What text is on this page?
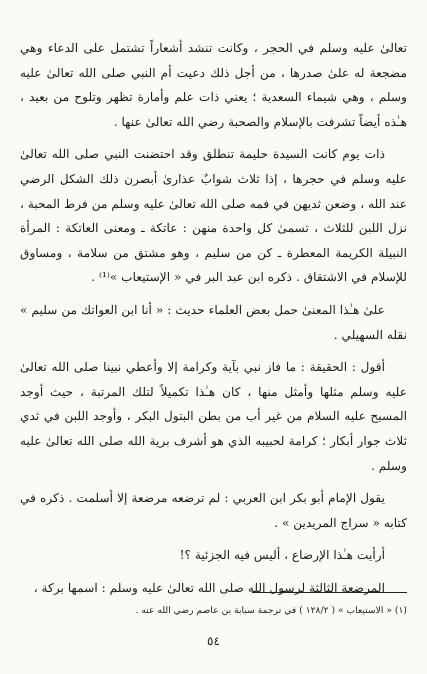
تعالىٰ عليه وسلم في الحجر ، وكانت تنشد أشعاراً تشتمل على الدعاء وهي مضجعة له علىٰ صدرها ، من أجل ذلك دعيت أم النبي صلى الله تعالىٰ عليه وسلم ، وهي شيماء السعدية ؛ يعني ذات علم وأمارة تظهر وتلوح من بعيد ، هـٰذه أيضاً تشرفت بالإسلام والصحبة رضي الله تعالىٰ عنها .

ذات يوم كانت السيدة حليمة تنطلق وقد احتضنت النبي صلى الله تعالىٰ عليه وسلم في حجرها ، إذا ثلاث شوابٌ عذارىٰ أبصرن ذلك الشكل الرضي عند الله ، وضعن ثديهن في فمه صلى الله تعالىٰ عليه وسلم من فرط المحبة ، نزل اللبن للثلاث ، تسمىٰ كل واحدة منهن : عاتكة ـ ومعنى العاتكة : المرأة النبيلة الكريمة المعطرة ـ كن من سليم ، وهو مشتق من سلامة ، ومساوق للإسلام في الاشتقاق . ذكره ابن عبد البر في « الإستيعاب »⁽¹⁾ .

علىٰ هـٰذا المعنىٰ حمل بعض العلماء حديث : « أنا ابن العواتك من سليم » نقله السهيلي .

أقول : الحقيقة : ما فاز نبي بآية وكرامة إلا وأعطي نبينا صلى الله تعالىٰ عليه وسلم مثلها وأمثل منها ، كان هـٰذا تكميلاً لتلك المرتبة ، حيث أوجد المسيح عليه السلام من غير أب من بطن البتول البكر ، وأوجد اللبن في ثدي ثلاث جوار أبكار ؛ كرامة لحبيبه الذي هو أشرف برية الله صلى الله تعالىٰ عليه وسلم .

يقول الإمام أبو بكر ابن العربي : لم ترضعه مرضعة إلا أسلمت . ذكره في كتابه « سراج المريدين » .

أرأيت هـٰذا الإرضاع ، أليس فيه الجزئية ؟!

المرضعة الثالثة لرسول الله صلى الله تعالىٰ عليه وسلم : اسمها بركة ،

(١) « الاستيعاب » ( ١٢٨/٢ ) في ترجمة سبابة بن عاصم رضي الله عنه .

٥٤
